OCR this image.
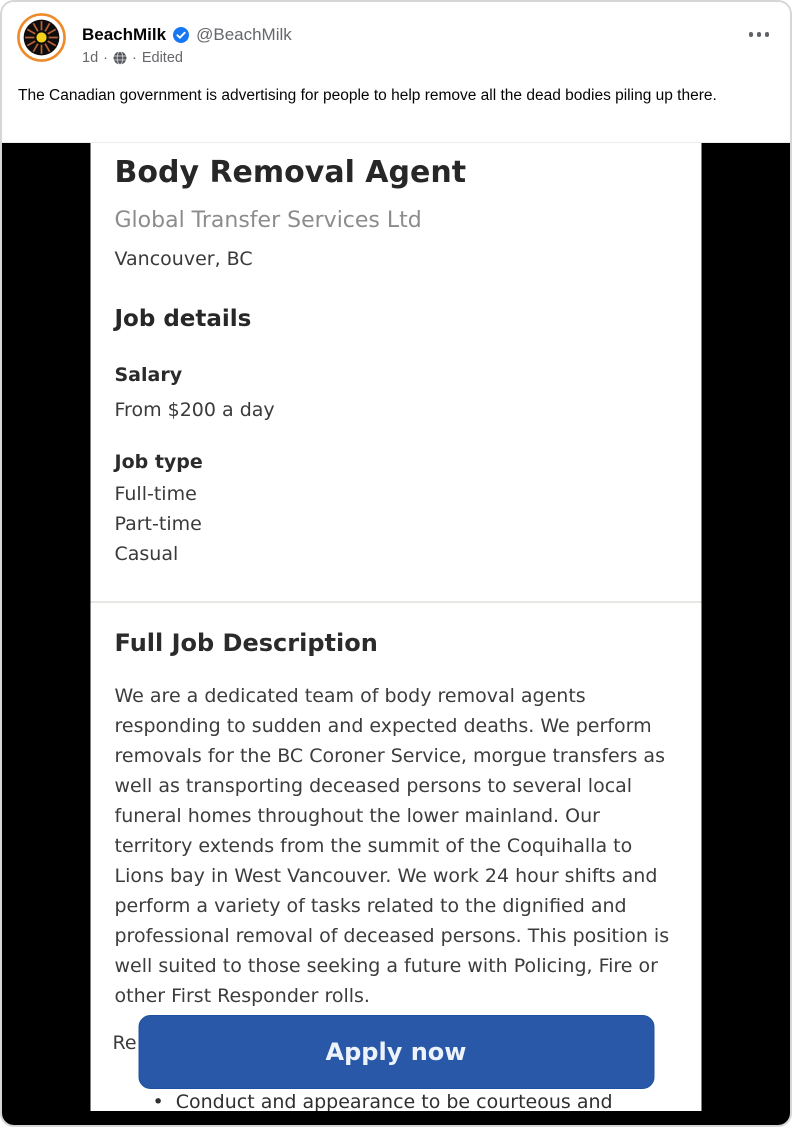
BeachMilk @BeachMilk
1d · · Edited
The Canadian government is advertising for people to help remove all the dead bodies piling up there.
Body Removal Agent
Global Transfer Services Ltd
Vancouver, BC
Job details
Salary
From $200 a day
Job type
Full-time
Part-time
Casual
Full Job Description
We are a dedicated team of body removal agents responding to sudden and expected deaths. We perform removals for the BC Coroner Service, morgue transfers as well as transporting deceased persons to several local funeral homes throughout the lower mainland. Our territory extends from the summit of the Coquihalla to Lions bay in West Vancouver. We work 24 hour shifts and perform a variety of tasks related to the dignified and professional removal of deceased persons. This position is well suited to those seeking a future with Policing, Fire or other First Responder rolls.
Re
• Conduct and appearance to be courteous and
Apply now
